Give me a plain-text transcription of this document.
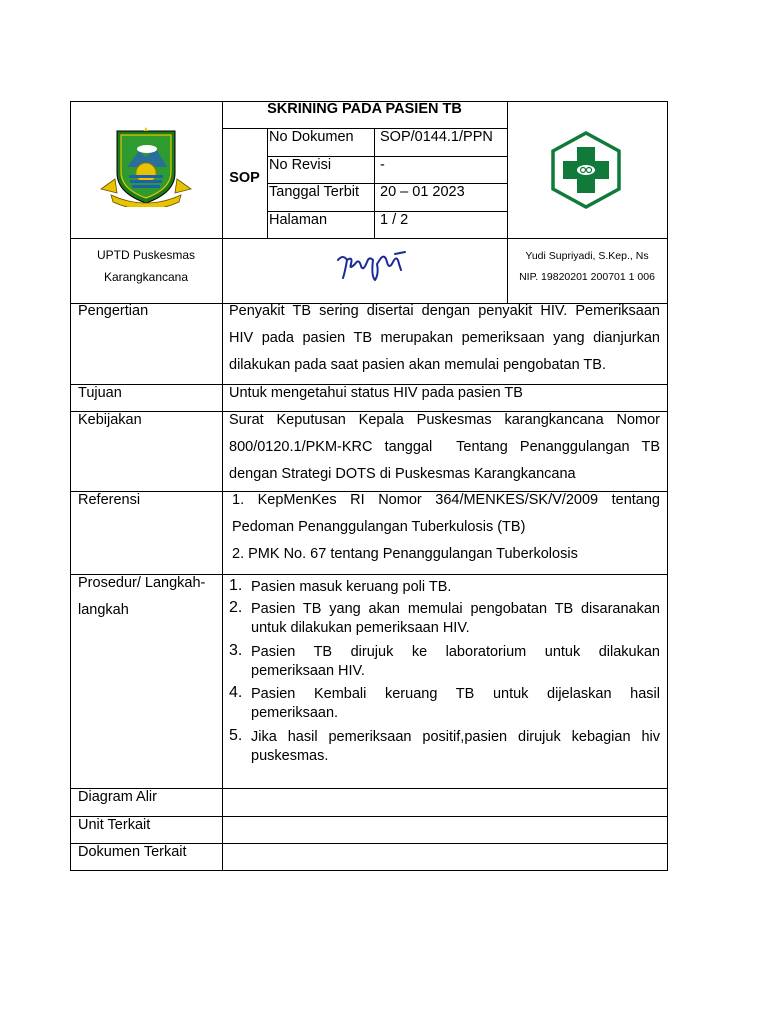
SKRINING PADA PASIEN TB
SOP
No Dokumen SOP/0144.1/PPN
No Revisi	-
Tanggal Terbit 20 – 01 2023
Halaman	1 / 2
UPTD Puskesmas
Karangkancana
Yudi Supriyadi, S.Kep., Ns
NIP. 19820201 200701 1 006
Pengertian	Penyakit TB sering disertai dengan penyakit HIV. Pemeriksaan
HIV pada pasien TB merupakan pemeriksaan yang dianjurkan
dilakukan pada saat pasien akan memulai pengobatan TB.
Tujuan	Untuk mengetahui status HIV pada pasien TB
Kebijakan	Surat Keputusan Kepala Puskesmas karangkancana Nomor
800/0120.1/PKM-KRC tanggal  Tentang Penanggulangan TB
dengan Strategi DOTS di Puskesmas Karangkancana
Referensi	1. KepMenKes RI Nomor 364/MENKES/SK/V/2009 tentang
Pedoman Penanggulangan Tuberkulosis (TB)
2. PMK No. 67 tentang Penanggulangan Tuberkolosis
Prosedur/ Langkah-
langkah
1. Pasien masuk keruang poli TB.
2. Pasien TB yang akan memulai pengobatan TB disaranakan
untuk dilakukan pemeriksaan HIV.
3. Pasien TB dirujuk ke laboratorium untuk dilakukan
pemeriksaan HIV.
4. Pasien Kembali keruang TB untuk dijelaskan hasil
pemeriksaan.
5. Jika hasil pemeriksaan positif,pasien dirujuk kebagian hiv
puskesmas.
Diagram Alir
Unit Terkait
Dokumen Terkait
